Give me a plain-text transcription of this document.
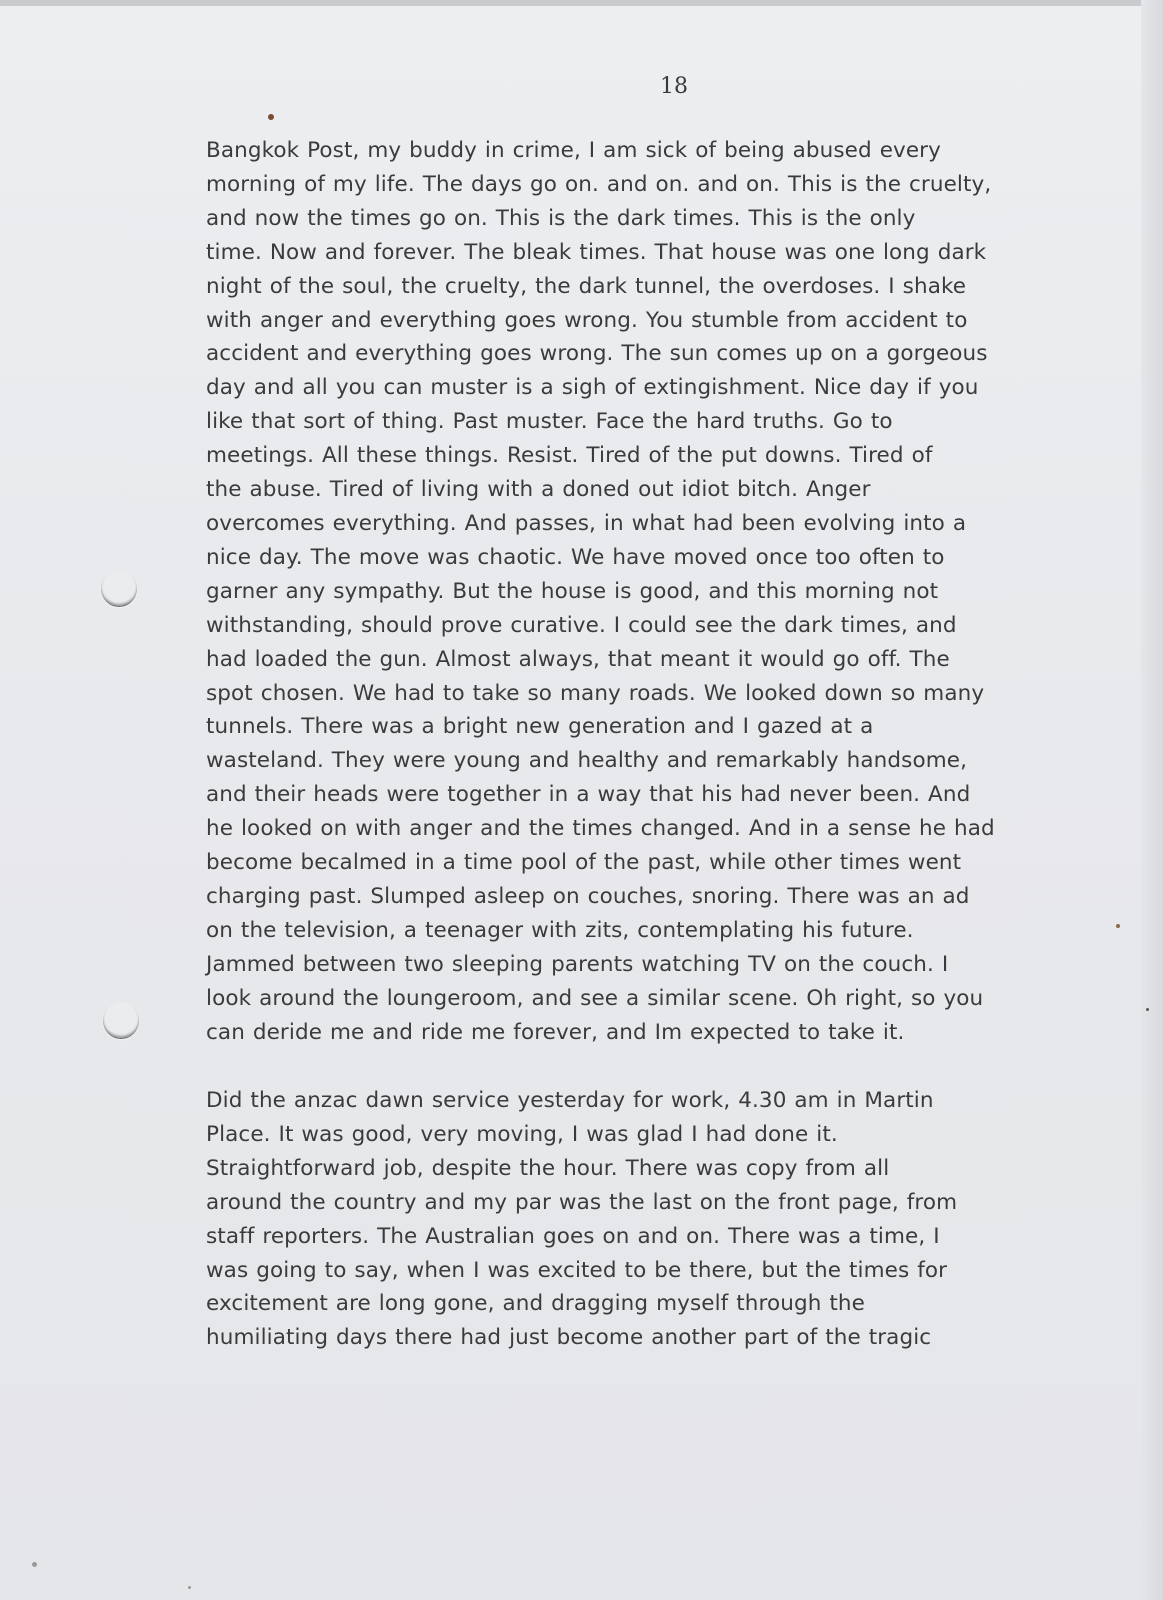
18
Bangkok Post, my buddy in crime, I am sick of being abused every
morning of my life. The days go on. and on. and on. This is the cruelty,
and now the times go on. This is the dark times. This is the only
time. Now and forever. The bleak times. That house was one long dark
night of the soul, the cruelty, the dark tunnel, the overdoses. I shake
with anger and everything goes wrong. You stumble from accident to
accident and everything goes wrong. The sun comes up on a gorgeous
day and all you can muster is a sigh of extingishment. Nice day if you
like that sort of thing. Past muster. Face the hard truths. Go to
meetings. All these things. Resist. Tired of the put downs. Tired of
the abuse. Tired of living with a doned out idiot bitch. Anger
overcomes everything. And passes, in what had been evolving into a
nice day. The move was chaotic. We have moved once too often to
garner any sympathy. But the house is good, and this morning not
withstanding, should prove curative. I could see the dark times, and
had loaded the gun. Almost always, that meant it would go off. The
spot chosen. We had to take so many roads. We looked down so many
tunnels. There was a bright new generation and I gazed at a
wasteland. They were young and healthy and remarkably handsome,
and their heads were together in a way that his had never been. And
he looked on with anger and the times changed. And in a sense he had
become becalmed in a time pool of the past, while other times went
charging past. Slumped asleep on couches, snoring. There was an ad
on the television, a teenager with zits, contemplating his future.
Jammed between two sleeping parents watching TV on the couch. I
look around the loungeroom, and see a similar scene. Oh right, so you
can deride me and ride me forever, and Im expected to take it.
Did the anzac dawn service yesterday for work, 4.30 am in Martin
Place. It was good, very moving, I was glad I had done it.
Straightforward job, despite the hour. There was copy from all
around the country and my par was the last on the front page, from
staff reporters. The Australian goes on and on. There was a time, I
was going to say, when I was excited to be there, but the times for
excitement are long gone, and dragging myself through the
humiliating days there had just become another part of the tragic
